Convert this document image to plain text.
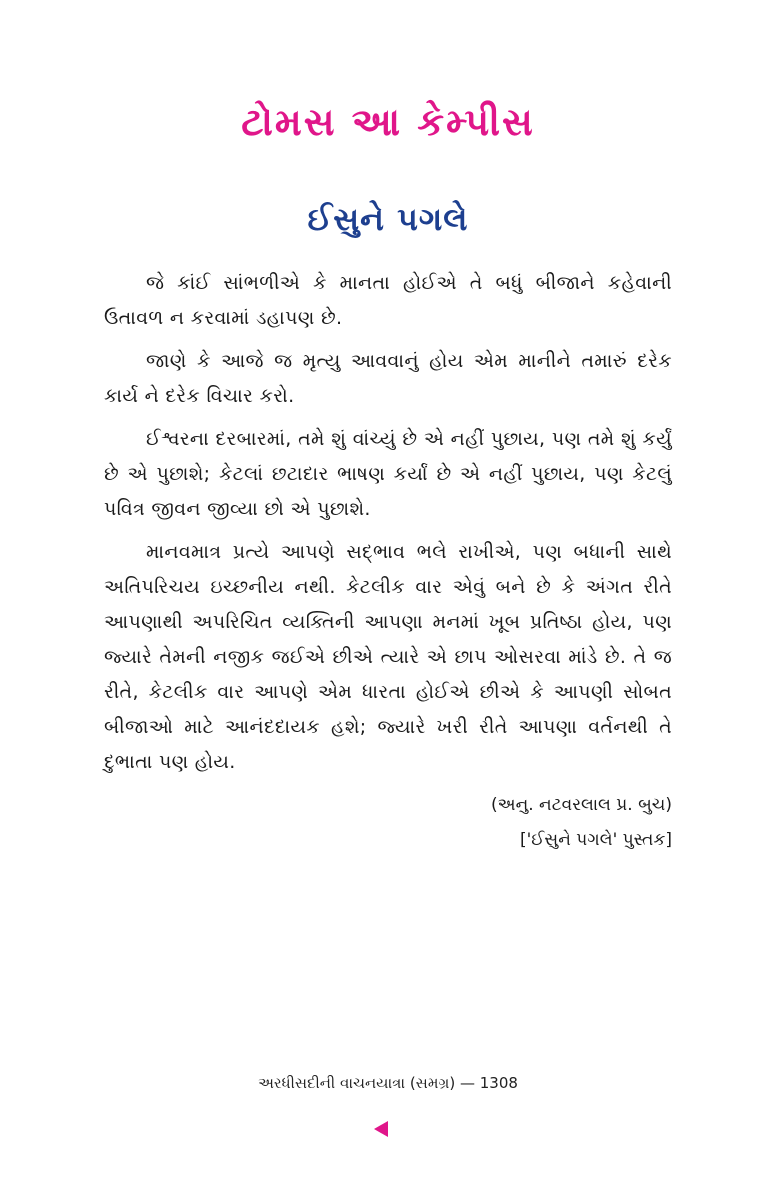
ટોમસ આ કેમ્પીસ
ઈસુને પગલે

જે કાંઈ સાંભળીએ કે માનતા હોઈએ તે બધું બીજાને કહેવાની ઉતાવળ ન કરવામાં ડહાપણ છે.

જાણે કે આજે જ મૃત્યુ આવવાનું હોય એમ માનીને તમારું દરેક કાર્ય ને દરેક વિચાર કરો.

ઈશ્વરના દરબારમાં, તમે શું વાંચ્યું છે એ નહીં પુછાય, પણ તમે શું કર્યું છે એ પુછાશે; કેટલાં છટાદાર ભાષણ કર્યાં છે એ નહીં પુછાય, પણ કેટલું પવિત્ર જીવન જીવ્યા છો એ પુછાશે.

માનવમાત્ર પ્રત્યે આપણે સદ્ભાવ ભલે રાખીએ, પણ બધાની સાથે અતિપરિચય ઇચ્છનીય નથી. કેટલીક વાર એવું બને છે કે અંગત રીતે આપણાથી અપરિચિત વ્યક્તિની આપણા મનમાં ખૂબ પ્રતિષ્ઠા હોય, પણ જ્યારે તેમની નજીક જઈએ છીએ ત્યારે એ છાપ ઓસરવા માંડે છે. તે જ રીતે, કેટલીક વાર આપણે એમ ધારતા હોઈએ છીએ કે આપણી સોબત બીજાઓ માટે આનંદદાયક હશે; જ્યારે ખરી રીતે આપણા વર્તનથી તે દુભાતા પણ હોય.

(અનુ. નટવરલાલ પ્ર. બુચ)

['ઈસુને પગલે' પુસ્તક]

અરધીસદીની વાચનયાત્રા (સમગ્ર) — 1308
